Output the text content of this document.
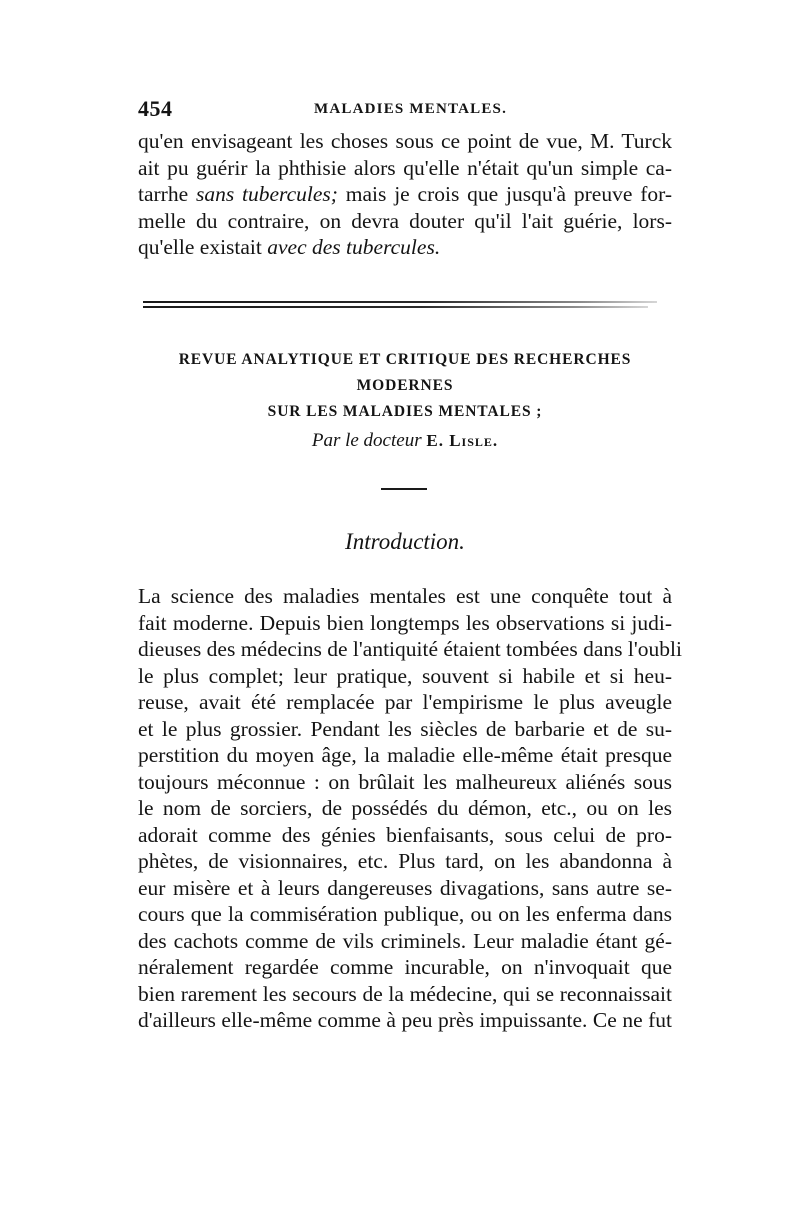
454	MALADIES MENTALES.
qu'en envisageant les choses sous ce point de vue, M. Turck
ait pu guérir la phthisie alors qu'elle n'était qu'un simple ca-
tarrhe sans tubercules; mais je crois que jusqu'à preuve for-
melle du contraire, on devra douter qu'il l'ait guérie, lors-
qu'elle existait avec des tubercules.
REVUE ANALYTIQUE ET CRITIQUE DES RECHERCHES MODERNES
SUR LES MALADIES MENTALES ;
Par le docteur E. Lisle.
Introduction.
La science des maladies mentales est une conquête tout à
fait moderne. Depuis bien longtemps les observations si judi-
dieuses des médecins de l'antiquité étaient tombées dans l'oubli
le plus complet; leur pratique, souvent si habile et si heu-
reuse, avait été remplacée par l'empirisme le plus aveugle
et le plus grossier. Pendant les siècles de barbarie et de su-
perstition du moyen âge, la maladie elle-même était presque
toujours méconnue : on brûlait les malheureux aliénés sous
le nom de sorciers, de possédés du démon, etc., ou on les
adorait comme des génies bienfaisants, sous celui de pro-
phètes, de visionnaires, etc. Plus tard, on les abandonna à
eur misère et à leurs dangereuses divagations, sans autre se-
cours que la commisération publique, ou on les enferma dans
des cachots comme de vils criminels. Leur maladie étant gé-
néralement regardée comme incurable, on n'invoquait que
bien rarement les secours de la médecine, qui se reconnaissait
d'ailleurs elle-même comme à peu près impuissante. Ce ne fut
